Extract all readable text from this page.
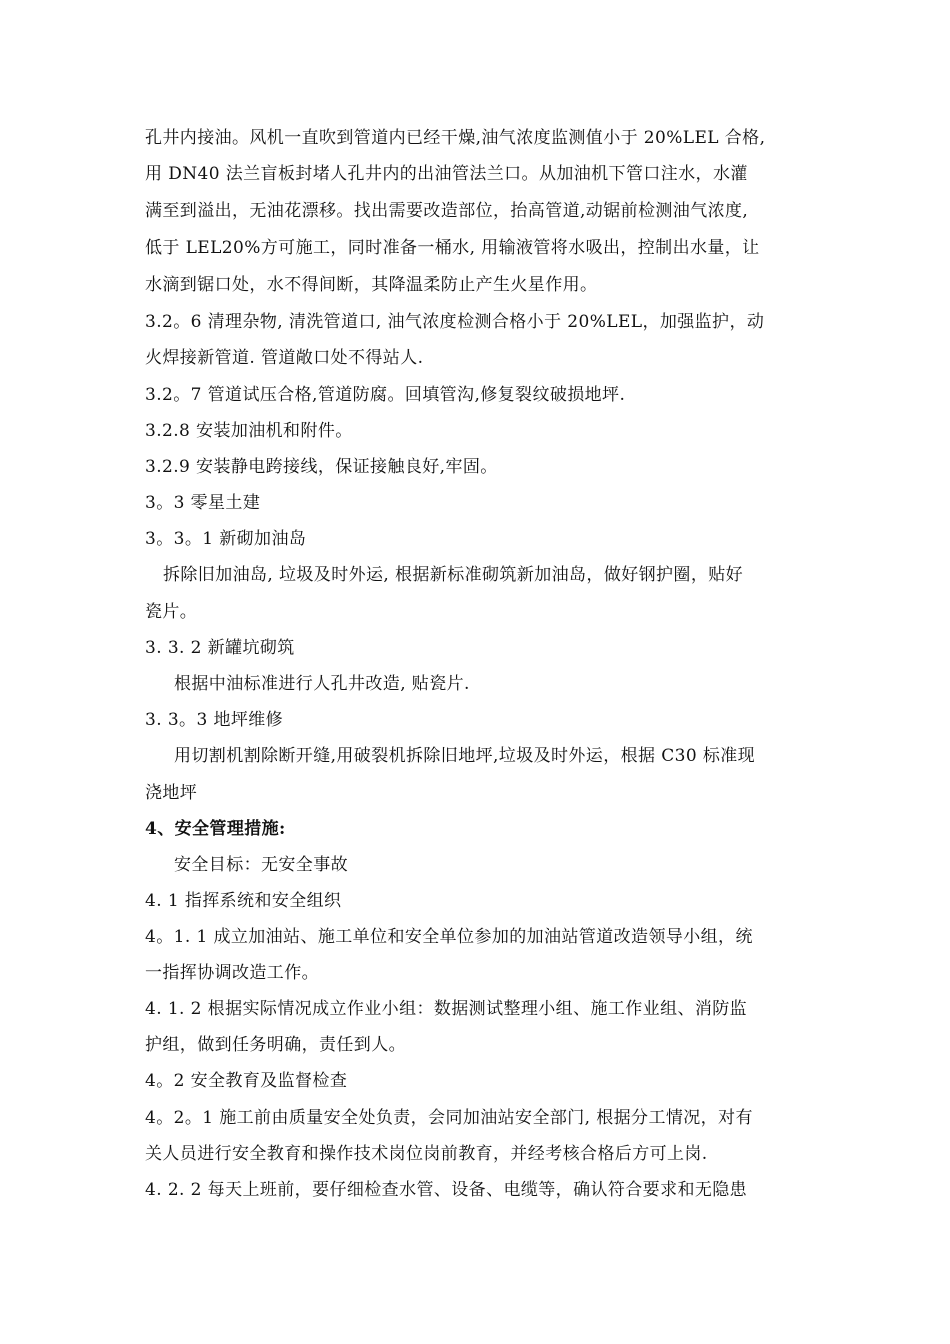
孔井内接油。风机一直吹到管道内已经干燥,油气浓度监测值小于 20%LEL 合格,
用 DN40 法兰盲板封堵人孔井内的出油管法兰口。从加油机下管口注水，水灌
满至到溢出，无油花漂移。找出需要改造部位，抬高管道,动锯前检测油气浓度,
低于 LEL20%方可施工，同时准备一桶水, 用输液管将水吸出，控制出水量，让
水滴到锯口处，水不得间断，其降温柔防止产生火星作用。
3.2。6 清理杂物, 清洗管道口, 油气浓度检测合格小于 20%LEL，加强监护，动
火焊接新管道. 管道敞口处不得站人.
3.2。7 管道试压合格,管道防腐。回填管沟,修复裂纹破损地坪.
3.2.8 安装加油机和附件。
3.2.9 安装静电跨接线，保证接触良好,牢固。
3。3 零星土建
3。3。1 新砌加油岛
拆除旧加油岛, 垃圾及时外运, 根据新标准砌筑新加油岛，做好钢护圈，贴好
瓷片。
3. 3. 2 新罐坑砌筑
根据中油标准进行人孔井改造, 贴瓷片.
3. 3。3 地坪维修
用切割机割除断开缝,用破裂机拆除旧地坪,垃圾及时外运，根据 C30 标准现
浇地坪
4、安全管理措施:
安全目标：无安全事故
4. 1 指挥系统和安全组织
4。1. 1 成立加油站、施工单位和安全单位参加的加油站管道改造领导小组，统
一指挥协调改造工作。
4. 1. 2 根据实际情况成立作业小组：数据测试整理小组、施工作业组、消防监
护组，做到任务明确，责任到人。
4。2 安全教育及监督检查
4。2。1 施工前由质量安全处负责，会同加油站安全部门, 根据分工情况，对有
关人员进行安全教育和操作技术岗位岗前教育，并经考核合格后方可上岗.
4. 2. 2 每天上班前，要仔细检查水管、设备、电缆等，确认符合要求和无隐患
